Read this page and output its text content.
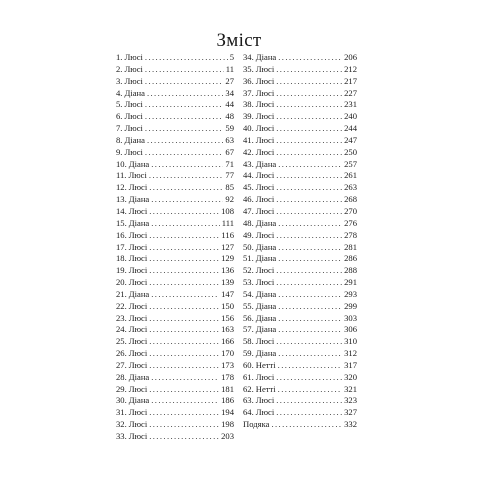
Зміст
1. Люсі .....	5
2. Люсі .....	11
3. Люсі .....	27
4. Діана .....	34
5. Люсі .....	44
6. Люсі .....	48
7. Люсі .....	59
8. Діана .....	63
9. Люсі .....	67
10. Діана .....	71
11. Люсі .....	77
12. Люсі .....	85
13. Діана .....	92
14. Люсі .....	108
15. Діана .....	111
16. Люсі .....	116
17. Люсі .....	127
18. Люсі .....	129
19. Люсі .....	136
20. Люсі .....	139
21. Діана .....	147
22. Люсі .....	150
23. Люсі .....	156
24. Люсі .....	163
25. Люсі .....	166
26. Люсі .....	170
27. Люсі .....	173
28. Діана .....	178
29. Люсі .....	181
30. Діана .....	186
31. Люсі .....	194
32. Люсі .....	198
33. Люсі .....	203
34. Діана .....	206
35. Люсі .....	212
36. Люсі .....	217
37. Люсі .....	227
38. Люсі .....	231
39. Люсі .....	240
40. Люсі .....	244
41. Люсі .....	247
42. Люсі .....	250
43. Діана .....	257
44. Люсі .....	261
45. Люсі .....	263
46. Люсі .....	268
47. Люсі .....	270
48. Діана .....	276
49. Люсі .....	278
50. Діана .....	281
51. Діана .....	286
52. Люсі .....	288
53. Люсі .....	291
54. Діана .....	293
55. Діана .....	299
56. Діана .....	303
57. Діана .....	306
58. Люсі .....	310
59. Діана .....	312
60. Нетті .....	317
61. Люсі .....	320
62. Нетті .....	321
63. Люсі .....	323
64. Люсі .....	327
Подяка .....	332
